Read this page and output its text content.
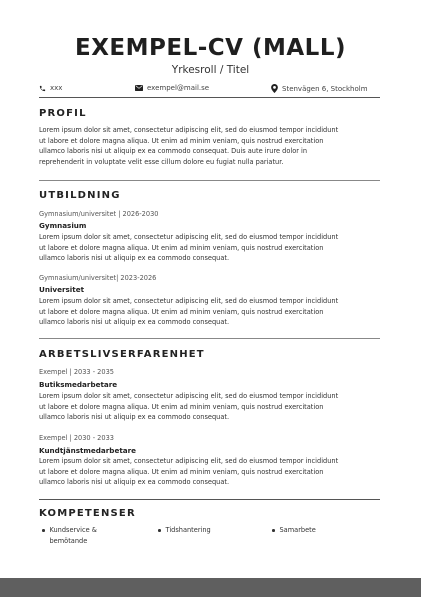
EXEMPEL-CV (MALL)
Yrkesroll / Titel
xxx	exempel@mail.se	Stenvägen 6, Stockholm
PROFIL
Lorem ipsum dolor sit amet, consectetur adipiscing elit, sed do eiusmod tempor incididunt
ut labore et dolore magna aliqua. Ut enim ad minim veniam, quis nostrud exercitation
ullamco laboris nisi ut aliquip ex ea commodo consequat. Duis aute irure dolor in
reprehenderit in voluptate velit esse cillum dolore eu fugiat nulla pariatur.
UTBILDNING
Gymnasium/universitet | 2026-2030
Gymnasium
Lorem ipsum dolor sit amet, consectetur adipiscing elit, sed do eiusmod tempor incididunt
ut labore et dolore magna aliqua. Ut enim ad minim veniam, quis nostrud exercitation
ullamco laboris nisi ut aliquip ex ea commodo consequat.
Gymnasium/universitet| 2023-2026
Universitet
Lorem ipsum dolor sit amet, consectetur adipiscing elit, sed do eiusmod tempor incididunt
ut labore et dolore magna aliqua. Ut enim ad minim veniam, quis nostrud exercitation
ullamco laboris nisi ut aliquip ex ea commodo consequat.
ARBETSLIVSERFARENHET
Exempel | 2033 - 2035
Butiksmedarbetare
Lorem ipsum dolor sit amet, consectetur adipiscing elit, sed do eiusmod tempor incididunt
ut labore et dolore magna aliqua. Ut enim ad minim veniam, quis nostrud exercitation
ullamco laboris nisi ut aliquip ex ea commodo consequat.
Exempel | 2030 - 2033
Kundtjänstmedarbetare
Lorem ipsum dolor sit amet, consectetur adipiscing elit, sed do eiusmod tempor incididunt
ut labore et dolore magna aliqua. Ut enim ad minim veniam, quis nostrud exercitation
ullamco laboris nisi ut aliquip ex ea commodo consequat.
KOMPETENSER
Kundservice &
bemötande
Tidshantering	Samarbete
